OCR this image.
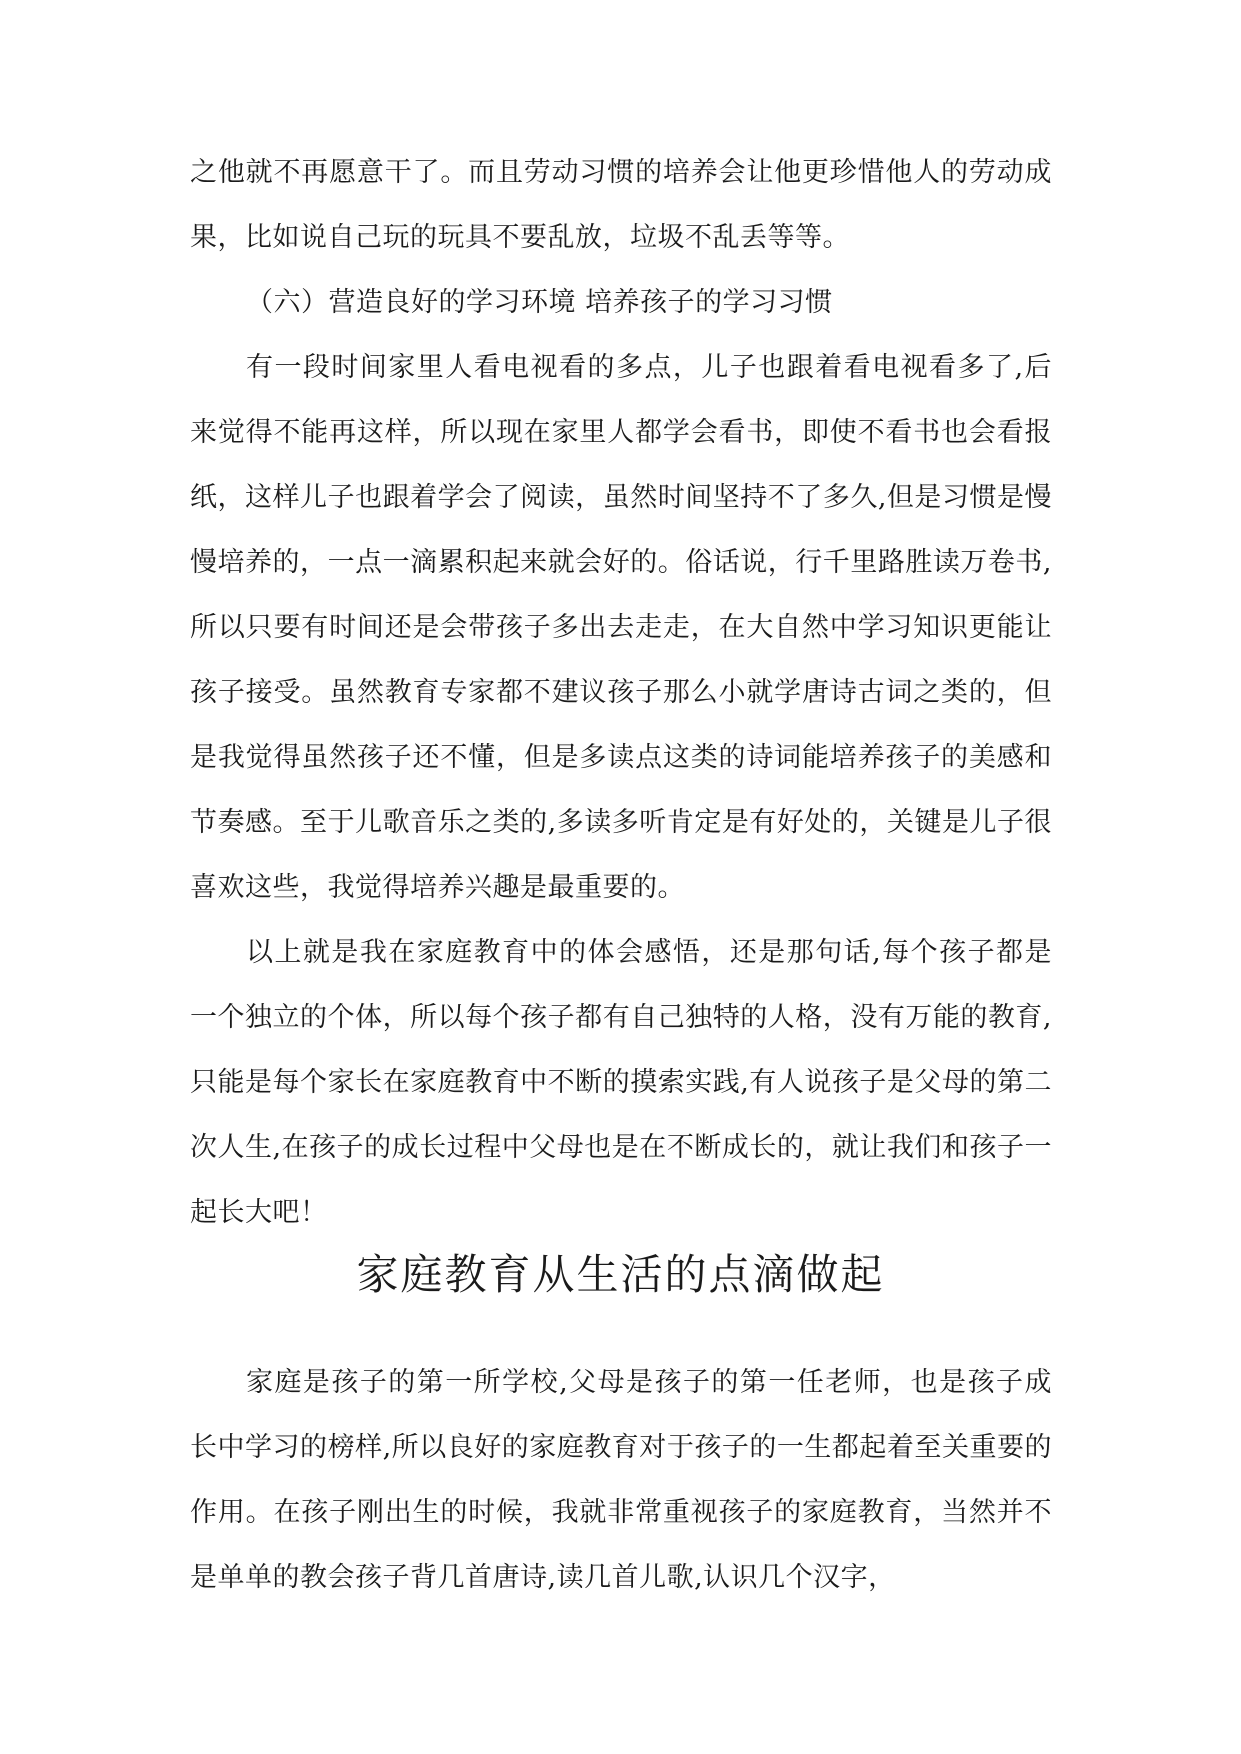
之他就不再愿意干了。而且劳动习惯的培养会让他更珍惜他人的劳动成果，比如说自己玩的玩具不要乱放，垃圾不乱丢等等。

（六）营造良好的学习环境 培养孩子的学习习惯

有一段时间家里人看电视看的多点，儿子也跟着看电视看多了,后来觉得不能再这样，所以现在家里人都学会看书，即使不看书也会看报纸，这样儿子也跟着学会了阅读，虽然时间坚持不了多久,但是习惯是慢慢培养的，一点一滴累积起来就会好的。俗话说，行千里路胜读万卷书,所以只要有时间还是会带孩子多出去走走，在大自然中学习知识更能让孩子接受。虽然教育专家都不建议孩子那么小就学唐诗古词之类的，但是我觉得虽然孩子还不懂，但是多读点这类的诗词能培养孩子的美感和节奏感。至于儿歌音乐之类的,多读多听肯定是有好处的，关键是儿子很喜欢这些，我觉得培养兴趣是最重要的。

以上就是我在家庭教育中的体会感悟，还是那句话,每个孩子都是一个独立的个体，所以每个孩子都有自己独特的人格，没有万能的教育,只能是每个家长在家庭教育中不断的摸索实践,有人说孩子是父母的第二次人生,在孩子的成长过程中父母也是在不断成长的，就让我们和孩子一起长大吧！

家庭教育从生活的点滴做起

家庭是孩子的第一所学校,父母是孩子的第一任老师，也是孩子成长中学习的榜样,所以良好的家庭教育对于孩子的一生都起着至关重要的作用。在孩子刚出生的时候，我就非常重视孩子的家庭教育，当然并不是单单的教会孩子背几首唐诗,读几首儿歌,认识几个汉字，
